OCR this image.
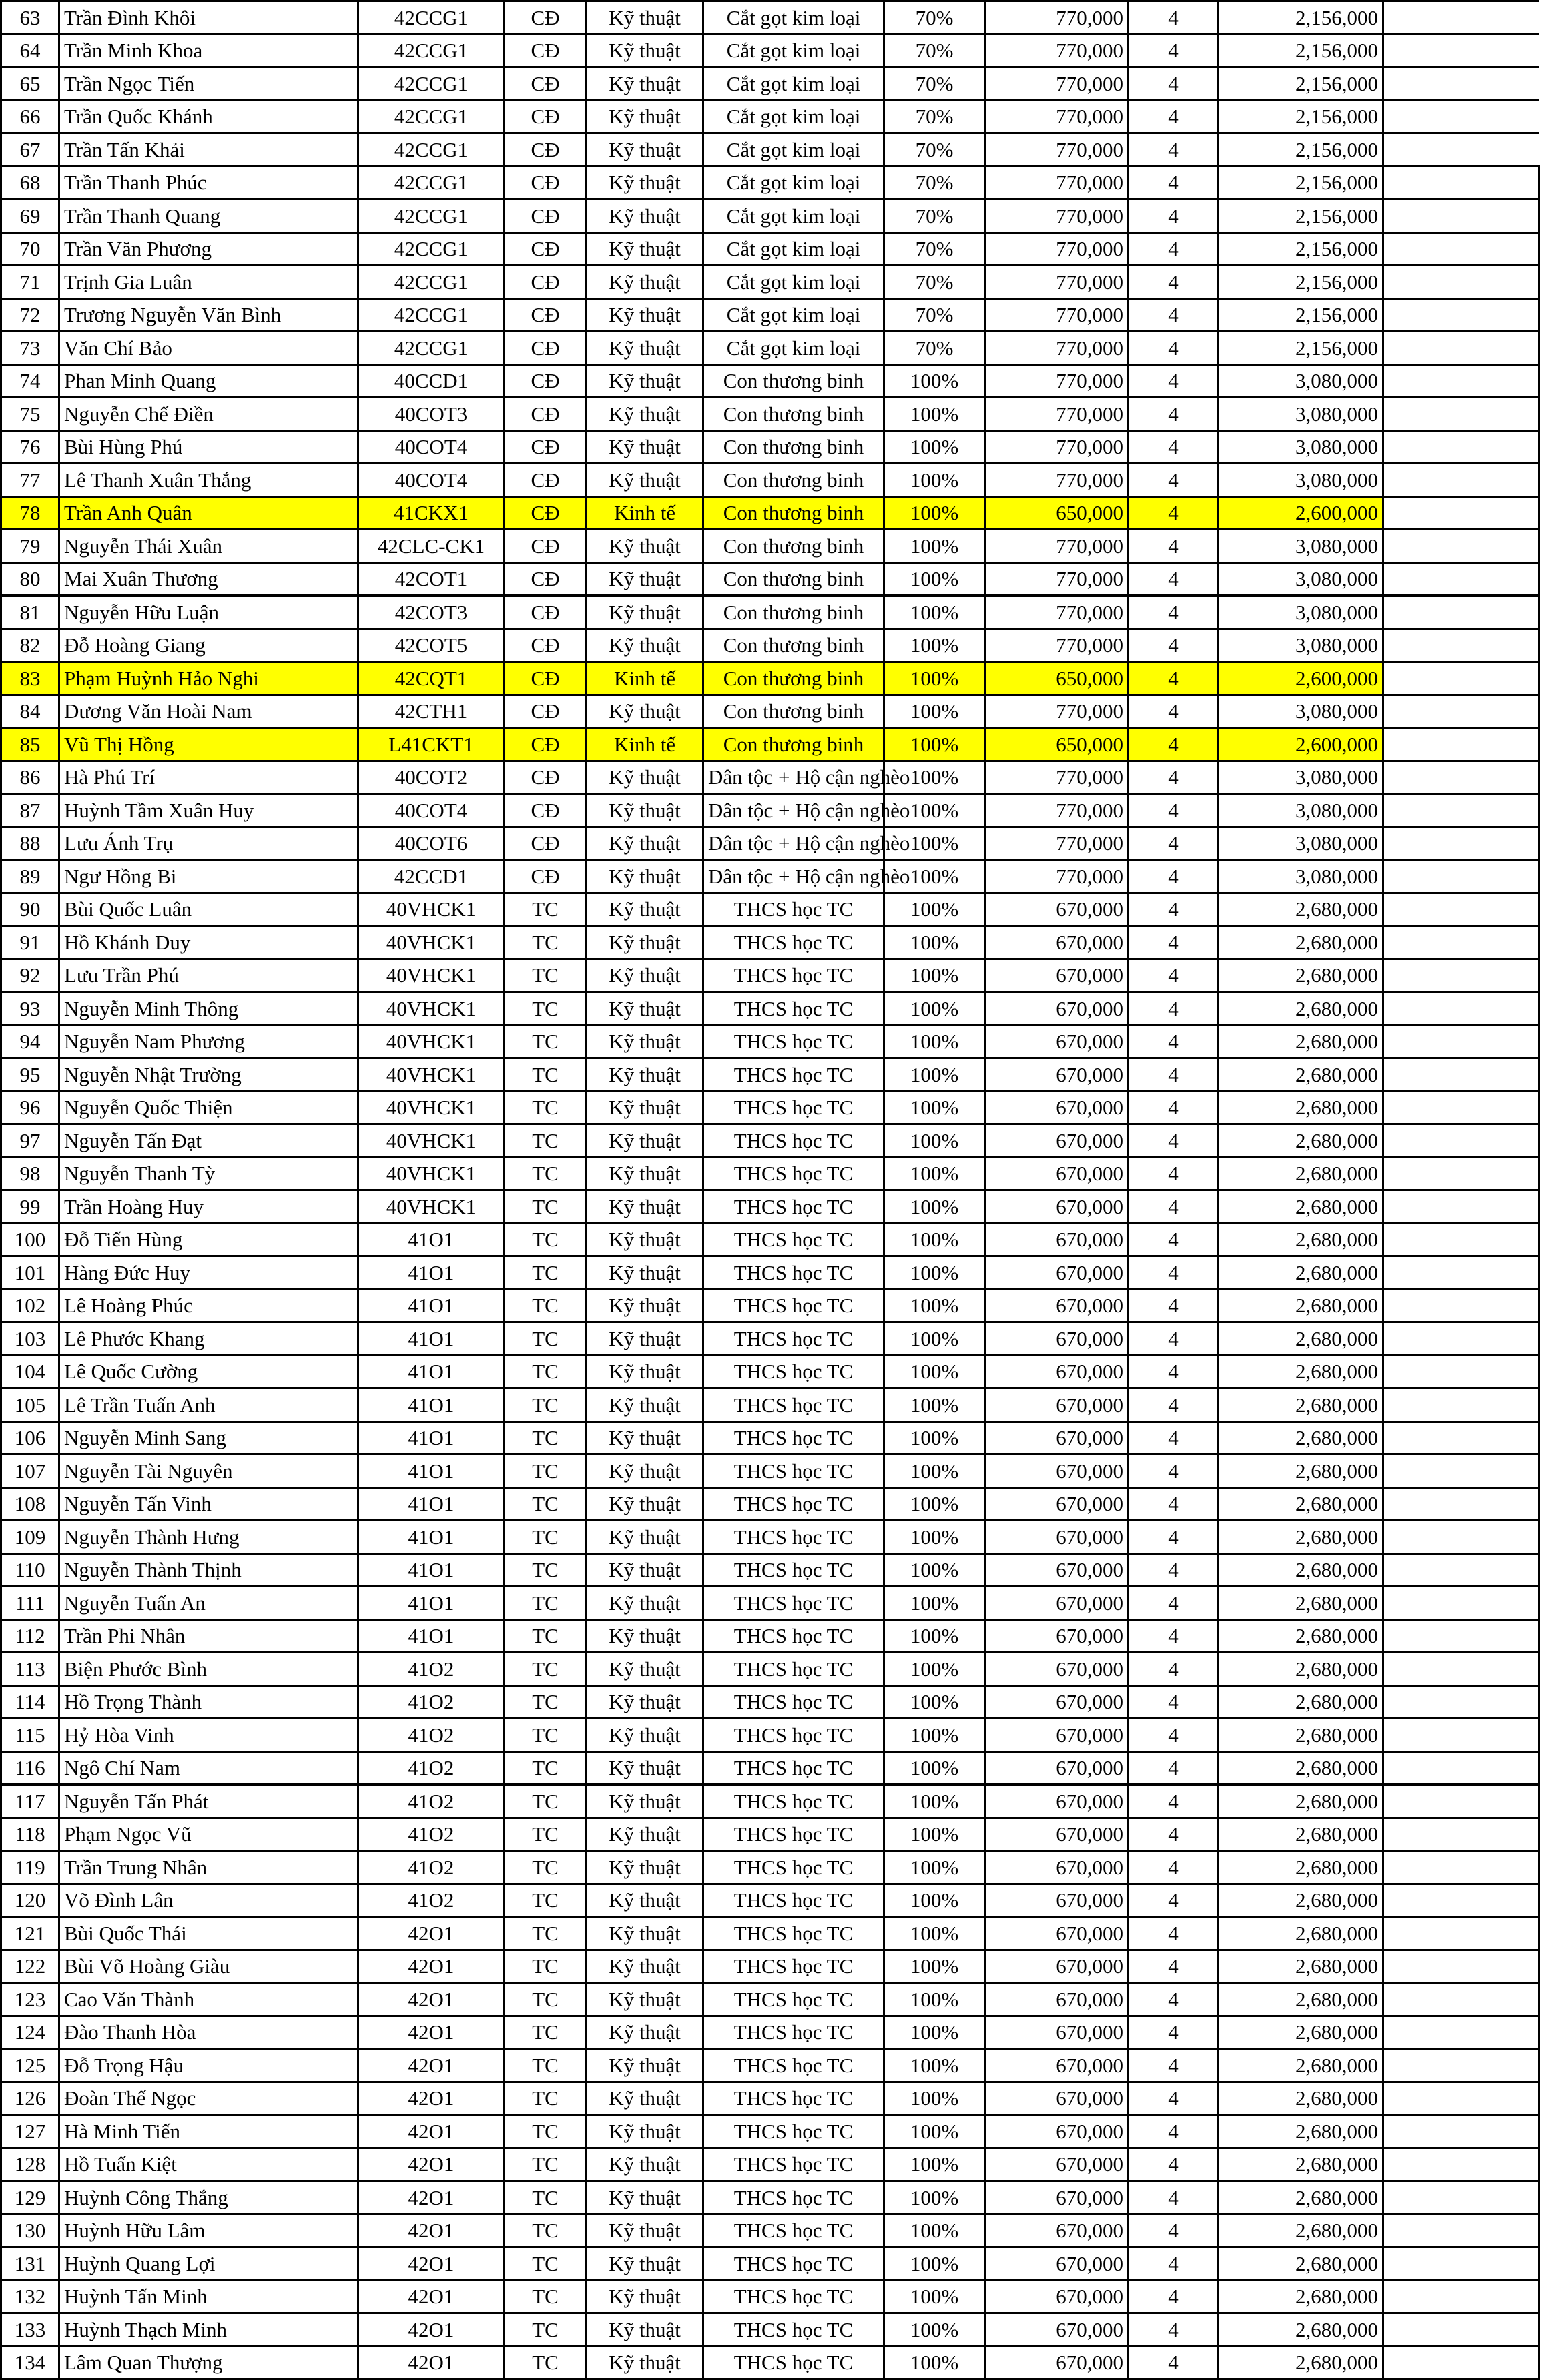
63	Trần Đình Khôi	42CCG1	CĐ	Kỹ thuật	Cắt gọt kim loại	70%	770,000	4	2,156,000	
64	Trần Minh Khoa	42CCG1	CĐ	Kỹ thuật	Cắt gọt kim loại	70%	770,000	4	2,156,000	
65	Trần Ngọc Tiến	42CCG1	CĐ	Kỹ thuật	Cắt gọt kim loại	70%	770,000	4	2,156,000	
66	Trần Quốc Khánh	42CCG1	CĐ	Kỹ thuật	Cắt gọt kim loại	70%	770,000	4	2,156,000	
67	Trần Tấn Khải	42CCG1	CĐ	Kỹ thuật	Cắt gọt kim loại	70%	770,000	4	2,156,000	
68	Trần Thanh Phúc	42CCG1	CĐ	Kỹ thuật	Cắt gọt kim loại	70%	770,000	4	2,156,000	
69	Trần Thanh Quang	42CCG1	CĐ	Kỹ thuật	Cắt gọt kim loại	70%	770,000	4	2,156,000	
70	Trần Văn Phương	42CCG1	CĐ	Kỹ thuật	Cắt gọt kim loại	70%	770,000	4	2,156,000	
71	Trịnh Gia Luân	42CCG1	CĐ	Kỹ thuật	Cắt gọt kim loại	70%	770,000	4	2,156,000	
72	Trương Nguyễn Văn Bình	42CCG1	CĐ	Kỹ thuật	Cắt gọt kim loại	70%	770,000	4	2,156,000	
73	Văn Chí Bảo	42CCG1	CĐ	Kỹ thuật	Cắt gọt kim loại	70%	770,000	4	2,156,000	
74	Phan Minh Quang	40CCD1	CĐ	Kỹ thuật	Con thương binh	100%	770,000	4	3,080,000	
75	Nguyễn Chế Điền	40COT3	CĐ	Kỹ thuật	Con thương binh	100%	770,000	4	3,080,000	
76	Bùi Hùng Phú	40COT4	CĐ	Kỹ thuật	Con thương binh	100%	770,000	4	3,080,000	
77	Lê Thanh Xuân Thắng	40COT4	CĐ	Kỹ thuật	Con thương binh	100%	770,000	4	3,080,000	
78	Trần Anh Quân	41CKX1	CĐ	Kinh tế	Con thương binh	100%	650,000	4	2,600,000	
79	Nguyễn Thái Xuân	42CLC-CK1	CĐ	Kỹ thuật	Con thương binh	100%	770,000	4	3,080,000	
80	Mai Xuân Thương	42COT1	CĐ	Kỹ thuật	Con thương binh	100%	770,000	4	3,080,000	
81	Nguyễn Hữu Luận	42COT3	CĐ	Kỹ thuật	Con thương binh	100%	770,000	4	3,080,000	
82	Đỗ Hoàng Giang	42COT5	CĐ	Kỹ thuật	Con thương binh	100%	770,000	4	3,080,000	
83	Phạm Huỳnh Hảo Nghi	42CQT1	CĐ	Kinh tế	Con thương binh	100%	650,000	4	2,600,000	
84	Dương Văn Hoài Nam	42CTH1	CĐ	Kỹ thuật	Con thương binh	100%	770,000	4	3,080,000	
85	Vũ Thị Hồng	L41CKT1	CĐ	Kinh tế	Con thương binh	100%	650,000	4	2,600,000	
86	Hà Phú Trí	40COT2	CĐ	Kỹ thuật	Dân tộc + Hộ cận nghèo	100%	770,000	4	3,080,000	
87	Huỳnh Tầm Xuân Huy	40COT4	CĐ	Kỹ thuật	Dân tộc + Hộ cận nghèo	100%	770,000	4	3,080,000	
88	Lưu Ánh Trụ	40COT6	CĐ	Kỹ thuật	Dân tộc + Hộ cận nghèo	100%	770,000	4	3,080,000	
89	Ngư Hồng Bi	42CCD1	CĐ	Kỹ thuật	Dân tộc + Hộ cận nghèo	100%	770,000	4	3,080,000	
90	Bùi Quốc Luân	40VHCK1	TC	Kỹ thuật	THCS học TC	100%	670,000	4	2,680,000	
91	Hồ Khánh Duy	40VHCK1	TC	Kỹ thuật	THCS học TC	100%	670,000	4	2,680,000	
92	Lưu Trần Phú	40VHCK1	TC	Kỹ thuật	THCS học TC	100%	670,000	4	2,680,000	
93	Nguyễn Minh Thông	40VHCK1	TC	Kỹ thuật	THCS học TC	100%	670,000	4	2,680,000	
94	Nguyễn Nam Phương	40VHCK1	TC	Kỹ thuật	THCS học TC	100%	670,000	4	2,680,000	
95	Nguyễn Nhật Trường	40VHCK1	TC	Kỹ thuật	THCS học TC	100%	670,000	4	2,680,000	
96	Nguyễn Quốc Thiện	40VHCK1	TC	Kỹ thuật	THCS học TC	100%	670,000	4	2,680,000	
97	Nguyễn Tấn Đạt	40VHCK1	TC	Kỹ thuật	THCS học TC	100%	670,000	4	2,680,000	
98	Nguyễn Thanh Tỳ	40VHCK1	TC	Kỹ thuật	THCS học TC	100%	670,000	4	2,680,000	
99	Trần Hoàng Huy	40VHCK1	TC	Kỹ thuật	THCS học TC	100%	670,000	4	2,680,000	
100	Đỗ Tiến Hùng	41O1	TC	Kỹ thuật	THCS học TC	100%	670,000	4	2,680,000	
101	Hàng Đức Huy	41O1	TC	Kỹ thuật	THCS học TC	100%	670,000	4	2,680,000	
102	Lê Hoàng Phúc	41O1	TC	Kỹ thuật	THCS học TC	100%	670,000	4	2,680,000	
103	Lê Phước Khang	41O1	TC	Kỹ thuật	THCS học TC	100%	670,000	4	2,680,000	
104	Lê Quốc Cường	41O1	TC	Kỹ thuật	THCS học TC	100%	670,000	4	2,680,000	
105	Lê Trần Tuấn Anh	41O1	TC	Kỹ thuật	THCS học TC	100%	670,000	4	2,680,000	
106	Nguyễn Minh Sang	41O1	TC	Kỹ thuật	THCS học TC	100%	670,000	4	2,680,000	
107	Nguyễn Tài Nguyên	41O1	TC	Kỹ thuật	THCS học TC	100%	670,000	4	2,680,000	
108	Nguyễn Tấn Vinh	41O1	TC	Kỹ thuật	THCS học TC	100%	670,000	4	2,680,000	
109	Nguyễn Thành Hưng	41O1	TC	Kỹ thuật	THCS học TC	100%	670,000	4	2,680,000	
110	Nguyễn Thành Thịnh	41O1	TC	Kỹ thuật	THCS học TC	100%	670,000	4	2,680,000	
111	Nguyễn Tuấn An	41O1	TC	Kỹ thuật	THCS học TC	100%	670,000	4	2,680,000	
112	Trần Phi Nhân	41O1	TC	Kỹ thuật	THCS học TC	100%	670,000	4	2,680,000	
113	Biện Phước Bình	41O2	TC	Kỹ thuật	THCS học TC	100%	670,000	4	2,680,000	
114	Hồ Trọng Thành	41O2	TC	Kỹ thuật	THCS học TC	100%	670,000	4	2,680,000	
115	Hỷ Hòa Vinh	41O2	TC	Kỹ thuật	THCS học TC	100%	670,000	4	2,680,000	
116	Ngô Chí Nam	41O2	TC	Kỹ thuật	THCS học TC	100%	670,000	4	2,680,000	
117	Nguyễn Tấn Phát	41O2	TC	Kỹ thuật	THCS học TC	100%	670,000	4	2,680,000	
118	Phạm Ngọc Vũ	41O2	TC	Kỹ thuật	THCS học TC	100%	670,000	4	2,680,000	
119	Trần Trung Nhân	41O2	TC	Kỹ thuật	THCS học TC	100%	670,000	4	2,680,000	
120	Võ Đình Lân	41O2	TC	Kỹ thuật	THCS học TC	100%	670,000	4	2,680,000	
121	Bùi Quốc Thái	42O1	TC	Kỹ thuật	THCS học TC	100%	670,000	4	2,680,000	
122	Bùi Võ Hoàng Giàu	42O1	TC	Kỹ thuật	THCS học TC	100%	670,000	4	2,680,000	
123	Cao Văn Thành	42O1	TC	Kỹ thuật	THCS học TC	100%	670,000	4	2,680,000	
124	Đào Thanh Hòa	42O1	TC	Kỹ thuật	THCS học TC	100%	670,000	4	2,680,000	
125	Đỗ Trọng Hậu	42O1	TC	Kỹ thuật	THCS học TC	100%	670,000	4	2,680,000	
126	Đoàn Thế Ngọc	42O1	TC	Kỹ thuật	THCS học TC	100%	670,000	4	2,680,000	
127	Hà Minh Tiến	42O1	TC	Kỹ thuật	THCS học TC	100%	670,000	4	2,680,000	
128	Hồ Tuấn Kiệt	42O1	TC	Kỹ thuật	THCS học TC	100%	670,000	4	2,680,000	
129	Huỳnh Công Thắng	42O1	TC	Kỹ thuật	THCS học TC	100%	670,000	4	2,680,000	
130	Huỳnh Hữu Lâm	42O1	TC	Kỹ thuật	THCS học TC	100%	670,000	4	2,680,000	
131	Huỳnh Quang Lợi	42O1	TC	Kỹ thuật	THCS học TC	100%	670,000	4	2,680,000	
132	Huỳnh Tấn Minh	42O1	TC	Kỹ thuật	THCS học TC	100%	670,000	4	2,680,000	
133	Huỳnh Thạch Minh	42O1	TC	Kỹ thuật	THCS học TC	100%	670,000	4	2,680,000	
134	Lâm Quan Thượng	42O1	TC	Kỹ thuật	THCS học TC	100%	670,000	4	2,680,000	
